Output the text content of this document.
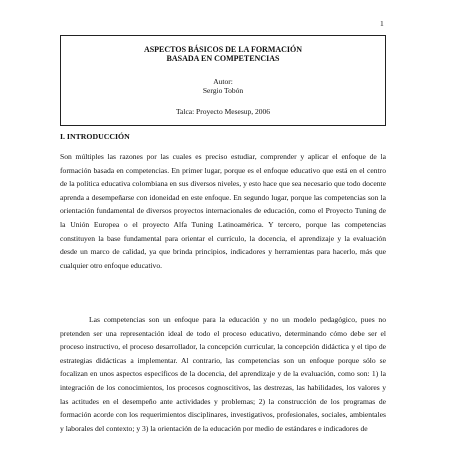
1
ASPECTOS BÁSICOS DE LA FORMACIÓN
BASADA EN COMPETENCIAS
Autor:
Sergio Tobón
Talca: Proyecto Mesesup, 2006
I. INTRODUCCIÓN

Son múltiples las razones por las cuales es preciso estudiar, comprender y aplicar el enfoque de la formación basada en competencias. En primer lugar, porque es el enfoque educativo que está en el centro de la política educativa colombiana en sus diversos niveles, y esto hace que sea necesario que todo docente aprenda a desempeñarse con idoneidad en este enfoque. En segundo lugar, porque las competencias son la orientación fundamental de diversos proyectos internacionales de educación, como el Proyecto Tuning de la Unión Europea o el proyecto Alfa Tuning Latinoamérica. Y tercero, porque las competencias constituyen la base fundamental para orientar el currículo, la docencia, el aprendizaje y la evaluación desde un marco de calidad, ya que brinda principios, indicadores y herramientas para hacerlo, más que cualquier otro enfoque educativo.

Las competencias son un enfoque para la educación y no un modelo pedagógico, pues no pretenden ser una representación ideal de todo el proceso educativo, determinando cómo debe ser el proceso instructivo, el proceso desarrollador, la concepción curricular, la concepción didáctica y el tipo de estrategias didácticas a implementar. Al contrario, las competencias son un enfoque porque sólo se focalizan en unos aspectos específicos de la docencia, del aprendizaje y de la evaluación, como son: 1) la integración de los conocimientos, los procesos cognoscitivos, las destrezas, las habilidades, los valores y las actitudes en el desempeño ante actividades y problemas; 2) la construcción de los programas de formación acorde con los requerimientos disciplinares, investigativos, profesionales, sociales, ambientales y laborales del contexto; y 3) la orientación de la educación por medio de estándares e indicadores de
